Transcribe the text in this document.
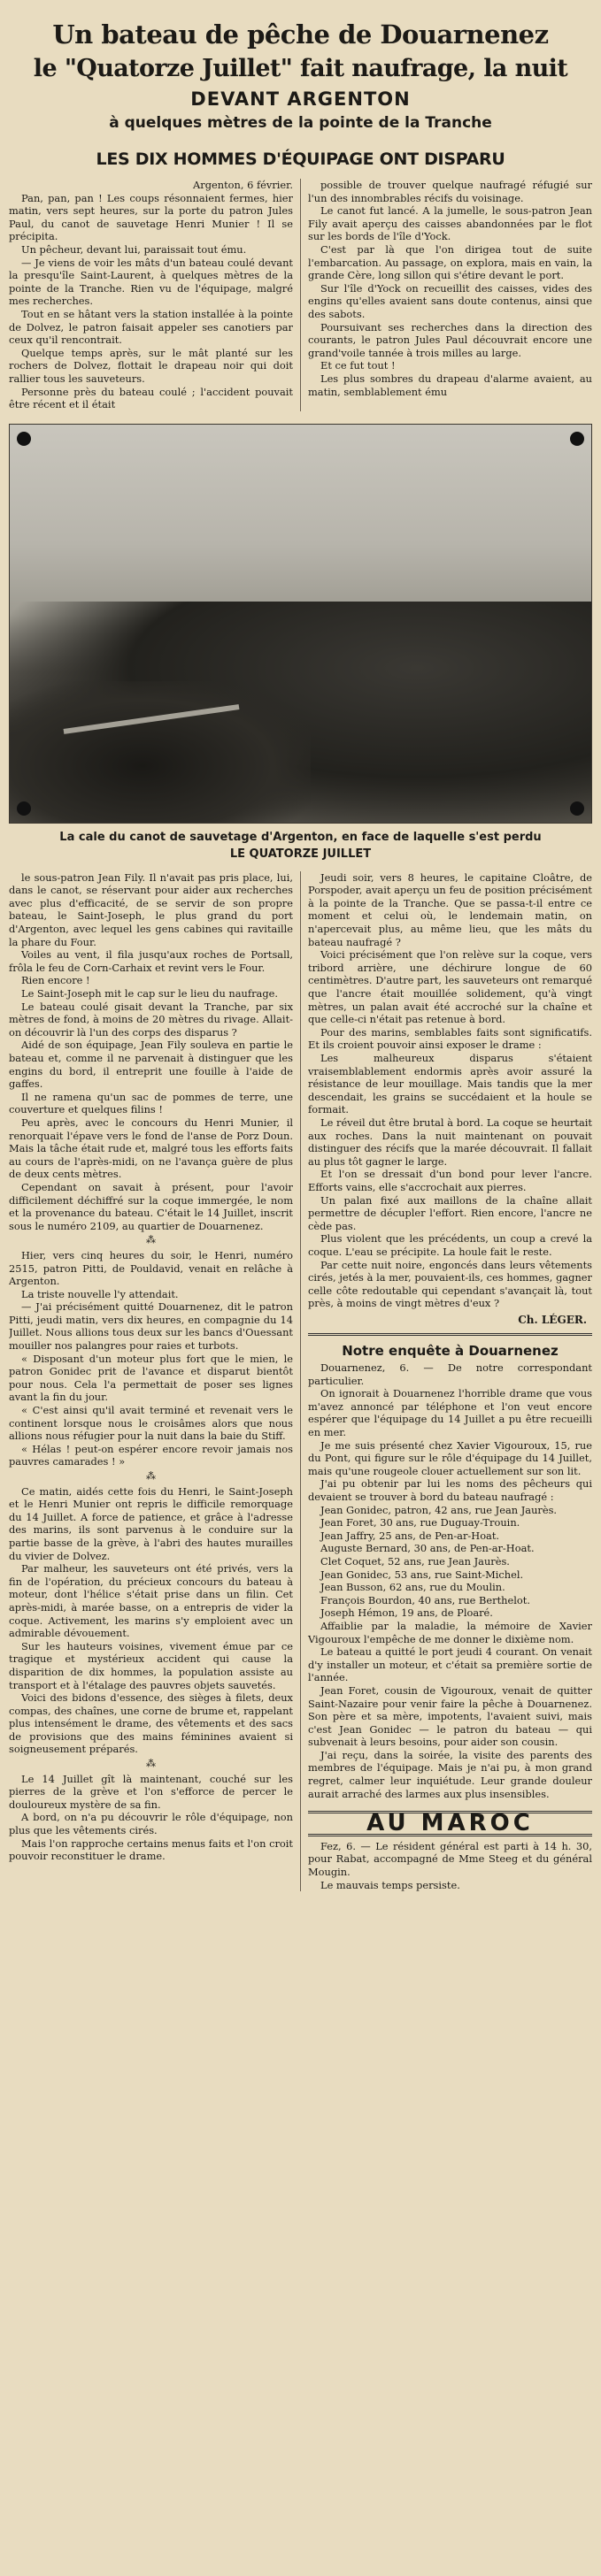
Un bateau de pêche de Douarnenez
le "Quatorze Juillet" fait naufrage, la nuit
DEVANT ARGENTON
à quelques mètres de la pointe de la Tranche
LES DIX HOMMES D'ÉQUIPAGE ONT DISPARU

Argenton, 6 février.

Pan, pan, pan ! Les coups résonnaient fermes, hier matin, vers sept heures, sur la porte du patron Jules Paul, du canot de sauvetage Henri Munier ! Il se précipita.

Un pêcheur, devant lui, paraissait tout ému.

— Je viens de voir les mâts d'un bateau coulé devant la presqu'île Saint-Laurent, à quelques mètres de la pointe de la Tranche. Rien vu de l'équipage, malgré mes recherches.

Tout en se hâtant vers la station installée à la pointe de Dolvez, le patron faisait appeler ses canotiers par ceux qu'il rencontrait.

Quelque temps après, sur le mât planté sur les rochers de Dolvez, flottait le drapeau noir qui doit rallier tous les sauveteurs.

Personne près du bateau coulé ; l'accident pouvait être récent et il était

possible de trouver quelque naufragé réfugié sur l'un des innombrables récifs du voisinage.

Le canot fut lancé. A la jumelle, le sous-patron Jean Fily avait aperçu des caisses abandonnées par le flot sur les bords de l'île d'Yock.

C'est par là que l'on dirigea tout de suite l'embarcation. Au passage, on explora, mais en vain, la grande Cère, long sillon qui s'étire devant le port.

Sur l'île d'Yock on recueillit des caisses, vides des engins qu'elles avaient sans doute contenus, ainsi que des sabots.

Poursuivant ses recherches dans la direction des courants, le patron Jules Paul découvrait encore une grand'voile tannée à trois milles au large.

Et ce fut tout !

Les plus sombres du drapeau d'alarme avaient, au matin, semblablement ému

La cale du canot de sauvetage d'Argenton, en face de laquelle s'est perdu
LE QUATORZE JUILLET

le sous-patron Jean Fily. Il n'avait pas pris place, lui, dans le canot, se réservant pour aider aux recherches avec plus d'efficacité, de se servir de son propre bateau, le Saint-Joseph, le plus grand du port d'Argenton, avec lequel les gens cabines qui ravitaille la phare du Four.

Voiles au vent, il fila jusqu'aux roches de Portsall, frôla le feu de Corn-Carhaix et revint vers le Four.

Rien encore !

Le Saint-Joseph mit le cap sur le lieu du naufrage.

Le bateau coulé gisait devant la Tranche, par six mètres de fond, à moins de 20 mètres du rivage. Allait-on découvrir là l'un des corps des disparus ?

Aidé de son équipage, Jean Fily souleva en partie le bateau et, comme il ne parvenait à distinguer que les engins du bord, il entreprit une fouille à l'aide de gaffes.

Il ne ramena qu'un sac de pommes de terre, une couverture et quelques filins !

Peu après, avec le concours du Henri Munier, il renorquait l'épave vers le fond de l'anse de Porz Doun. Mais la tâche était rude et, malgré tous les efforts faits au cours de l'après-midi, on ne l'avança guère de plus de deux cents mètres.

Cependant on savait à présent, pour l'avoir difficilement déchiffré sur la coque immergée, le nom et la provenance du bateau. C'était le 14 Juillet, inscrit sous le numéro 2109, au quartier de Douarnenez.

⁂

Hier, vers cinq heures du soir, le Henri, numéro 2515, patron Pitti, de Pouldavid, venait en relâche à Argenton.

La triste nouvelle l'y attendait.

— J'ai précisément quitté Douarnenez, dit le patron Pitti, jeudi matin, vers dix heures, en compagnie du 14 Juillet. Nous allions tous deux sur les bancs d'Ouessant mouiller nos palangres pour raies et turbots.

« Disposant d'un moteur plus fort que le mien, le patron Gonidec prit de l'avance et disparut bientôt pour nous. Cela l'a permettait de poser ses lignes avant la fin du jour.

« C'est ainsi qu'il avait terminé et revenait vers le continent lorsque nous le croisâmes alors que nous allions nous réfugier pour la nuit dans la baie du Stiff.

« Hélas ! peut-on espérer encore revoir jamais nos pauvres camarades ! »

⁂

Ce matin, aidés cette fois du Henri, le Saint-Joseph et le Henri Munier ont repris le difficile remorquage du 14 Juillet. A force de patience, et grâce à l'adresse des marins, ils sont parvenus à le conduire sur la partie basse de la grève, à l'abri des hautes murailles du vivier de Dolvez.

Par malheur, les sauveteurs ont été privés, vers la fin de l'opération, du précieux concours du bateau à moteur, dont l'hélice s'était prise dans un filin. Cet après-midi, à marée basse, on a entrepris de vider la coque. Activement, les marins s'y emploient avec un admirable dévouement.

Sur les hauteurs voisines, vivement émue par ce tragique et mystérieux accident qui cause la disparition de dix hommes, la population assiste au transport et à l'étalage des pauvres objets sauvetés.

Voici des bidons d'essence, des sièges à filets, deux compas, des chaînes, une corne de brume et, rappelant plus intensément le drame, des vêtements et des sacs de provisions que des mains féminines avaient si soigneusement préparés.

⁂

Le 14 Juillet gît là maintenant, couché sur les pierres de la grève et l'on s'efforce de percer le douloureux mystère de sa fin.

A bord, on n'a pu découvrir le rôle d'équipage, non plus que les vêtements cirés.

Mais l'on rapproche certains menus faits et l'on croit pouvoir reconstituer le drame.

Jeudi soir, vers 8 heures, le capitaine Cloâtre, de Porspoder, avait aperçu un feu de position précisément à la pointe de la Tranche. Que se passa-t-il entre ce moment et celui où, le lendemain matin, on n'apercevait plus, au même lieu, que les mâts du bateau naufragé ?

Voici précisément que l'on relève sur la coque, vers tribord arrière, une déchirure longue de 60 centimètres. D'autre part, les sauveteurs ont remarqué que l'ancre était mouillée solidement, qu'à vingt mètres, un palan avait été accroché sur la chaîne et que celle-ci n'était pas retenue à bord.

Pour des marins, semblables faits sont significatifs. Et ils croient pouvoir ainsi exposer le drame :

Les malheureux disparus s'étaient vraisemblablement endormis après avoir assuré la résistance de leur mouillage. Mais tandis que la mer descendait, les grains se succédaient et la houle se formait.

Le réveil dut être brutal à bord. La coque se heurtait aux roches. Dans la nuit maintenant on pouvait distinguer des récifs que la marée découvrait. Il fallait au plus tôt gagner le large.

Et l'on se dressait d'un bond pour lever l'ancre. Efforts vains, elle s'accrochait aux pierres.

Un palan fixé aux maillons de la chaîne allait permettre de décupler l'effort. Rien encore, l'ancre ne cède pas.

Plus violent que les précédents, un coup a crevé la coque. L'eau se précipite. La houle fait le reste.

Par cette nuit noire, engoncés dans leurs vêtements cirés, jetés à la mer, pouvaient-ils, ces hommes, gagner celle côte redoutable qui cependant s'avançait là, tout près, à moins de vingt mètres d'eux ?

Ch. LÉGER.
Notre enquête à Douarnenez

Douarnenez, 6. — De notre correspondant particulier.

On ignorait à Douarnenez l'horrible drame que vous m'avez annoncé par téléphone et l'on veut encore espérer que l'équipage du 14 Juillet a pu être recueilli en mer.

Je me suis présenté chez Xavier Vigouroux, 15, rue du Pont, qui figure sur le rôle d'équipage du 14 Juillet, mais qu'une rougeole clouer actuellement sur son lit.

J'ai pu obtenir par lui les noms des pêcheurs qui devaient se trouver à bord du bateau naufragé :

Jean Gonidec, patron, 42 ans, rue Jean Jaurès.

Jean Foret, 30 ans, rue Duguay-Trouin.

Jean Jaffry, 25 ans, de Pen-ar-Hoat.

Auguste Bernard, 30 ans, de Pen-ar-Hoat.

Clet Coquet, 52 ans, rue Jean Jaurès.

Jean Gonidec, 53 ans, rue Saint-Michel.

Jean Busson, 62 ans, rue du Moulin.

François Bourdon, 40 ans, rue Berthelot.

Joseph Hémon, 19 ans, de Ploaré.

Affaiblie par la maladie, la mémoire de Xavier Vigouroux l'empêche de me donner le dixième nom.

Le bateau a quitté le port jeudi 4 courant. On venait d'y installer un moteur, et c'était sa première sortie de l'année.

Jean Foret, cousin de Vigouroux, venait de quitter Saint-Nazaire pour venir faire la pêche à Douarnenez. Son père et sa mère, impotents, l'avaient suivi, mais c'est Jean Gonidec — le patron du bateau — qui subvenait à leurs besoins, pour aider son cousin.

J'ai reçu, dans la soirée, la visite des parents des membres de l'équipage. Mais je n'ai pu, à mon grand regret, calmer leur inquiétude. Leur grande douleur aurait arraché des larmes aux plus insensibles.

AU MAROC

Fez, 6. — Le résident général est parti à 14 h. 30, pour Rabat, accompagné de Mme Steeg et du général Mougin.

Le mauvais temps persiste.
